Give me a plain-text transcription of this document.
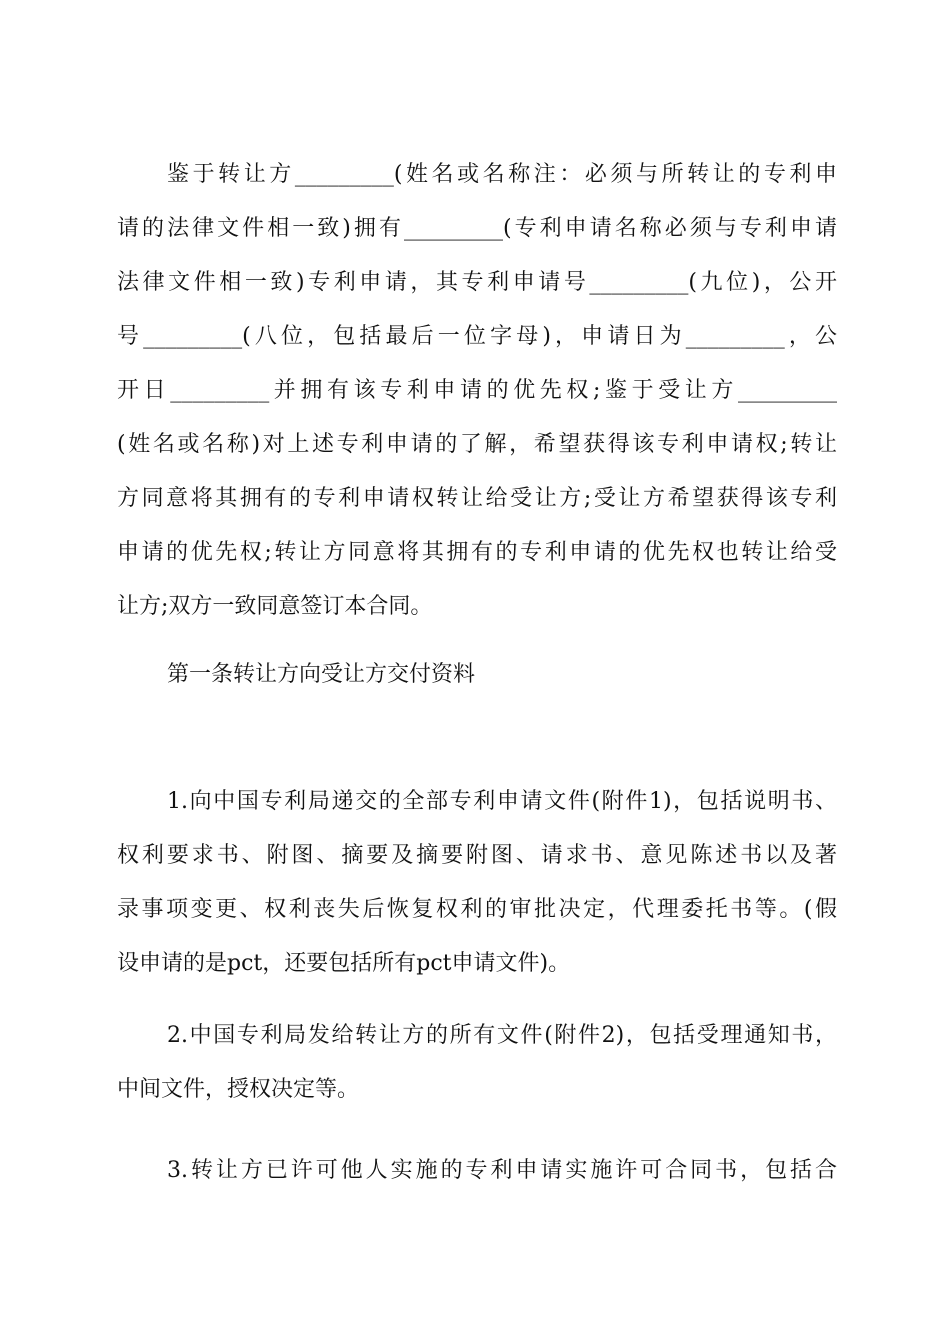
鉴于转让方_________(姓名或名称注：必须与所转让的专利申
请的法律文件相一致)拥有_________(专利申请名称必须与专利申请
法律文件相一致)专利申请，其专利申请号_________(九位)，公开
号_________(八位，包括最后一位字母)，申请日为_________，公
开日_________并拥有该专利申请的优先权;鉴于受让方_________
(姓名或名称)对上述专利申请的了解，希望获得该专利申请权;转让
方同意将其拥有的专利申请权转让给受让方;受让方希望获得该专利
申请的优先权;转让方同意将其拥有的专利申请的优先权也转让给受
让方;双方一致同意签订本合同。
第一条转让方向受让方交付资料
1.向中国专利局递交的全部专利申请文件(附件1)，包括说明书、
权利要求书、附图、摘要及摘要附图、请求书、意见陈述书以及著
录事项变更、权利丧失后恢复权利的审批决定，代理委托书等。(假
设申请的是pct，还要包括所有pct申请文件)。
2.中国专利局发给转让方的所有文件(附件2)，包括受理通知书，
中间文件，授权决定等。
3.转让方已许可他人实施的专利申请实施许可合同书，包括合
